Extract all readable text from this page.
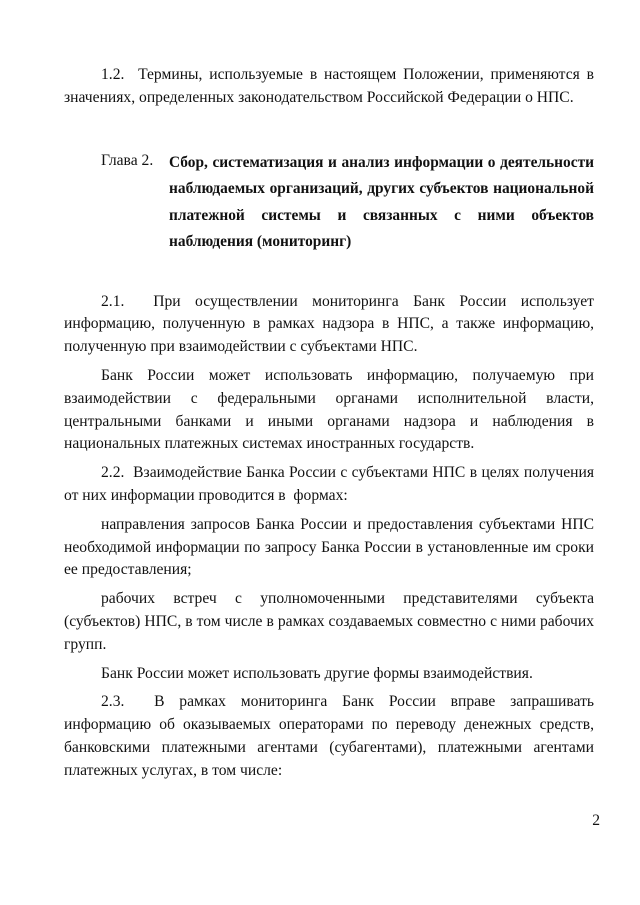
1.2.  Термины, используемые в настоящем Положении, применяются в значениях, определенных законодательством Российской Федерации о НПС.

Глава 2. Сбор, систематизация и анализ информации о деятельности наблюдаемых организаций, других субъектов национальной платежной системы и связанных с ними объектов наблюдения (мониторинг)

2.1.  При осуществлении мониторинга Банк России использует информацию, полученную в рамках надзора в НПС, а также информацию, полученную при взаимодействии с субъектами НПС.

Банк России может использовать информацию, получаемую при взаимодействии с федеральными органами исполнительной власти, центральными банками и иными органами надзора и наблюдения в национальных платежных системах иностранных государств.

2.2.  Взаимодействие Банка России с субъектами НПС в целях получения от них информации проводится в  формах:

направления запросов Банка России и предоставления субъектами НПС необходимой информации по запросу Банка России в установленные им сроки ее предоставления;

рабочих встреч с уполномоченными представителями субъекта (субъектов) НПС, в том числе в рамках создаваемых совместно с ними рабочих групп.

Банк России может использовать другие формы взаимодействия.

2.3.  В рамках мониторинга Банк России вправе запрашивать информацию об оказываемых операторами по переводу денежных средств, банковскими платежными агентами (субагентами), платежными агентами платежных услугах, в том числе:

2
